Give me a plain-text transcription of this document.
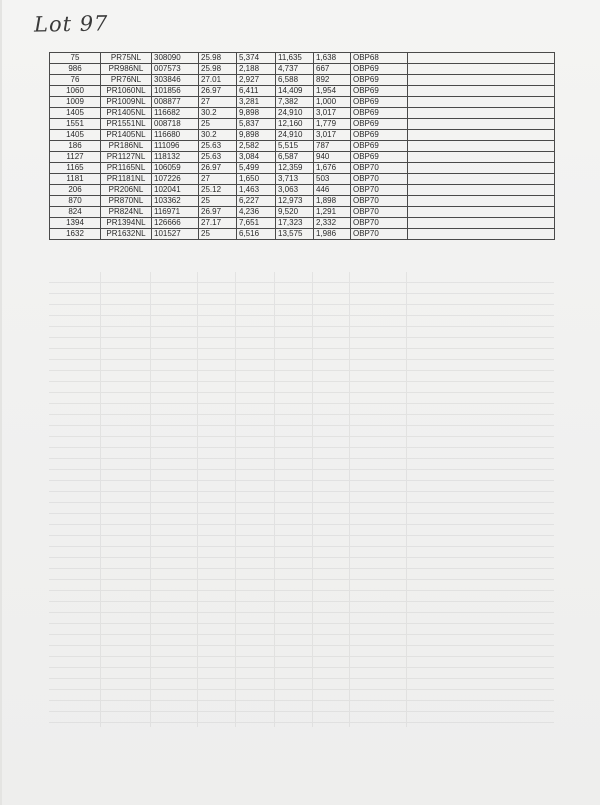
Lot 97
75	PR75NL	308090	25.98	5,374	11,635	1,638	OBP68	
986	PR986NL	007573	25.98	2,188	4,737	667	OBP69	
76	PR76NL	303846	27.01	2,927	6,588	892	OBP69	
1060	PR1060NL	101856	26.97	6,411	14,409	1,954	OBP69	
1009	PR1009NL	008877	27	3,281	7,382	1,000	OBP69	
1405	PR1405NL	116682	30.2	9,898	24,910	3,017	OBP69	
1551	PR1551NL	008718	25	5,837	12,160	1,779	OBP69	
1405	PR1405NL	116680	30.2	9,898	24,910	3,017	OBP69	
186	PR186NL	111096	25.63	2,582	5,515	787	OBP69	
1127	PR1127NL	118132	25.63	3,084	6,587	940	OBP69	
1165	PR1165NL	106059	26.97	5,499	12,359	1,676	OBP70	
1181	PR1181NL	107226	27	1,650	3,713	503	OBP70	
206	PR206NL	102041	25.12	1,463	3,063	446	OBP70	
870	PR870NL	103362	25	6,227	12,973	1,898	OBP70	
824	PR824NL	116971	26.97	4,236	9,520	1,291	OBP70	
1394	PR1394NL	126666	27.17	7,651	17,323	2,332	OBP70	
1632	PR1632NL	101527	25	6,516	13,575	1,986	OBP70	
